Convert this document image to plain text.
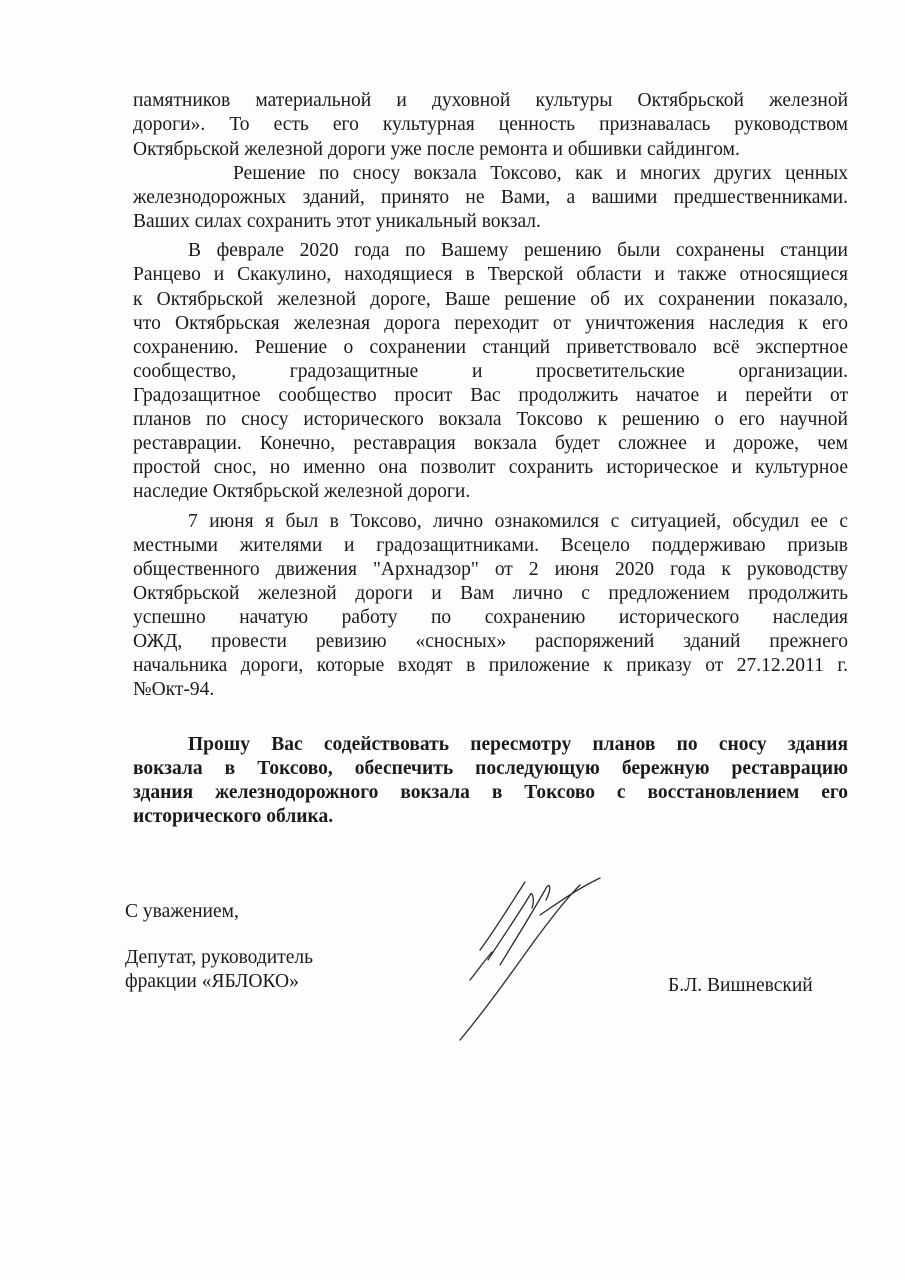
памятников материальной и духовной культуры Октябрьской железной
дороги». То есть его культурная ценность признавалась руководством
Октябрьской железной дороги уже после ремонта и обшивки сайдингом.
Решение по сносу вокзала Токсово, как и многих других ценных
железнодорожных зданий, принято не Вами, а вашими предшественниками.
Ваших силах сохранить этот уникальный вокзал.
В феврале 2020 года по Вашему решению были сохранены станции
Ранцево и Скакулино, находящиеся в Тверской области и также относящиеся
к Октябрьской железной дороге, Ваше решение об их сохранении показало,
что Октябрьская железная дорога переходит от уничтожения наследия к его
сохранению. Решение о сохранении станций приветствовало всё экспертное
сообщество, градозащитные и просветительские организации.
Градозащитное сообщество просит Вас продолжить начатое и перейти от
планов по сносу исторического вокзала Токсово к решению о его научной
реставрации. Конечно, реставрация вокзала будет сложнее и дороже, чем
простой снос, но именно она позволит сохранить историческое и культурное
наследие Октябрьской железной дороги.
7 июня я был в Токсово, лично ознакомился с ситуацией, обсудил ее с
местными жителями и градозащитниками. Всецело поддерживаю призыв
общественного движения "Архнадзор" от 2 июня 2020 года к руководству
Октябрьской железной дороги и Вам лично с предложением продолжить
успешно начатую работу по сохранению исторического наследия
ОЖД, провести ревизию «сносных» распоряжений зданий прежнего
начальника дороги, которые входят в приложение к приказу от 27.12.2011 г.
№Окт-94.
Прошу Вас содействовать пересмотру планов по сносу здания
вокзала в Токсово, обеспечить последующую бережную реставрацию
здания железнодорожного вокзала в Токсово с восстановлением его
исторического облика.
С уважением,
Депутат, руководитель
фракции «ЯБЛОКО»	Б.Л. Вишневский
